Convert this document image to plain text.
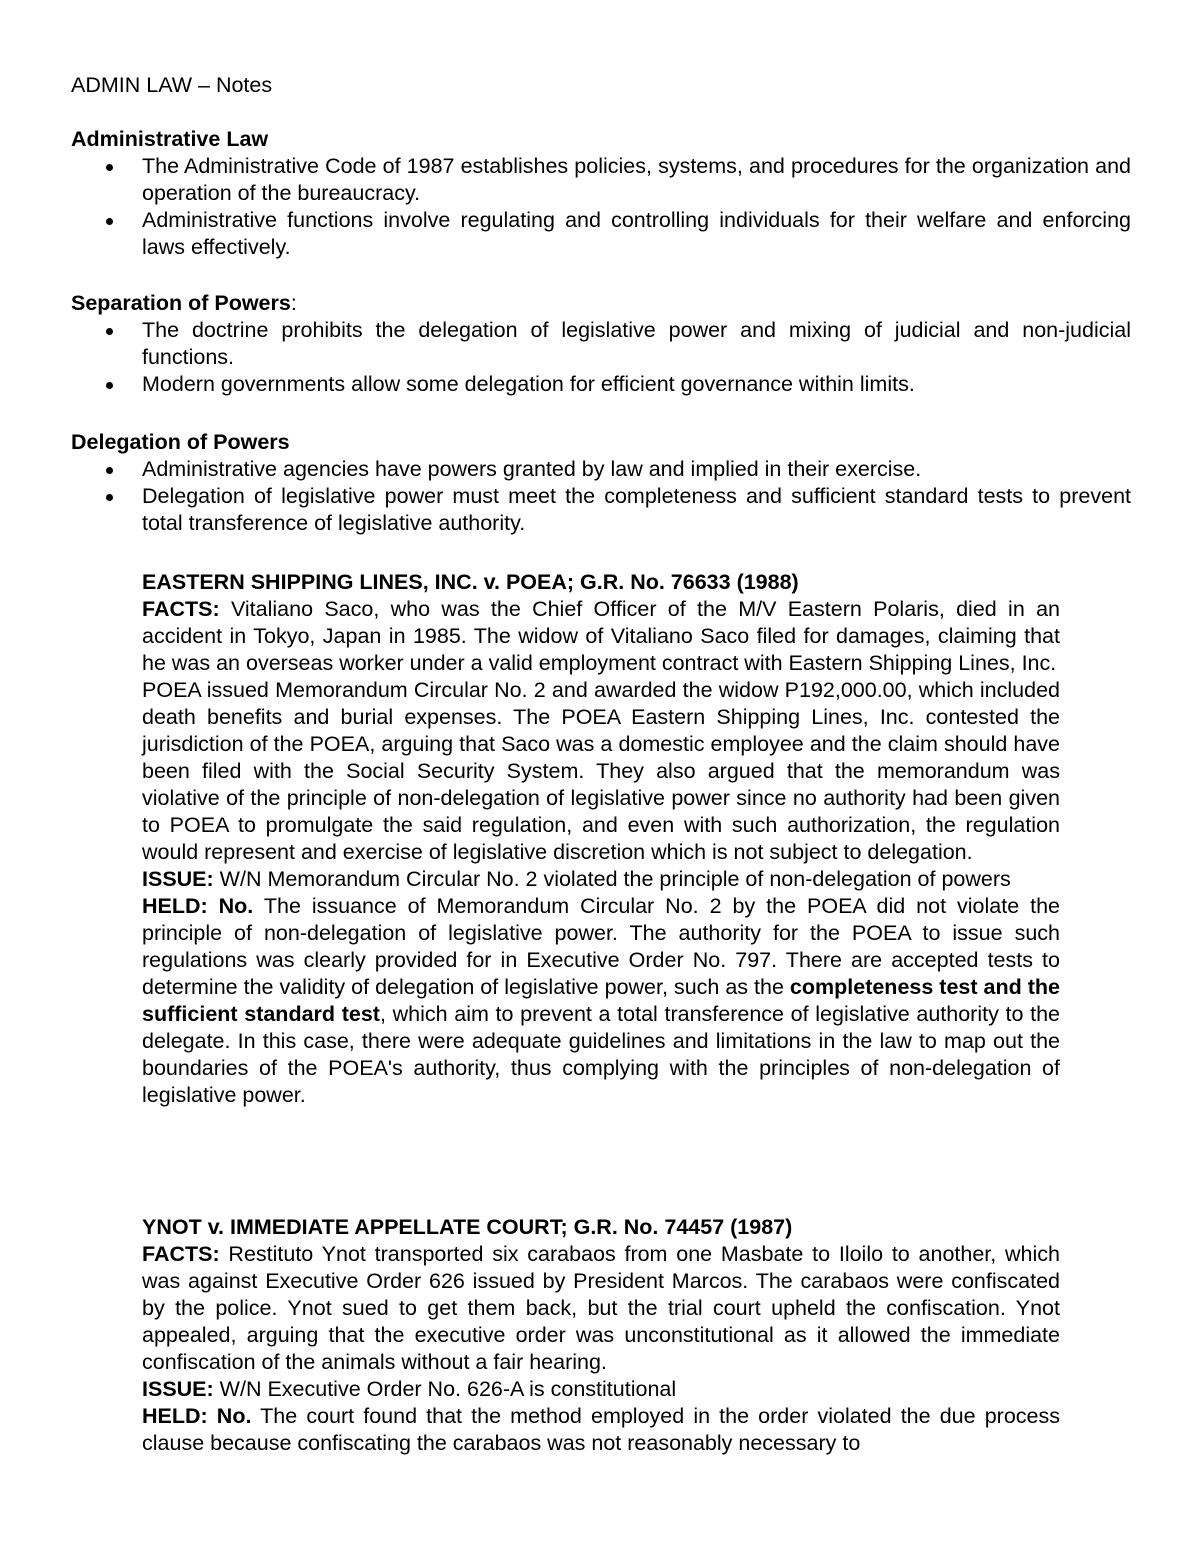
ADMIN LAW – Notes
Administrative Law
The Administrative Code of 1987 establishes policies, systems, and procedures for the organization and operation of the bureaucracy.
Administrative functions involve regulating and controlling individuals for their welfare and enforcing laws effectively.
Separation of Powers:
The doctrine prohibits the delegation of legislative power and mixing of judicial and non-judicial functions.
Modern governments allow some delegation for efficient governance within limits.
Delegation of Powers
Administrative agencies have powers granted by law and implied in their exercise.
Delegation of legislative power must meet the completeness and sufficient standard tests to prevent total transference of legislative authority.

EASTERN SHIPPING LINES, INC. v. POEA; G.R. No. 76633 (1988)

FACTS: Vitaliano Saco, who was the Chief Officer of the M/V Eastern Polaris, died in an accident in Tokyo, Japan in 1985. The widow of Vitaliano Saco filed for damages, claiming that he was an overseas worker under a valid employment contract with Eastern Shipping Lines, Inc.

POEA issued Memorandum Circular No. 2 and awarded the widow P192,000.00, which included death benefits and burial expenses. The POEA Eastern Shipping Lines, Inc. contested the jurisdiction of the POEA, arguing that Saco was a domestic employee and the claim should have been filed with the Social Security System. They also argued that the memorandum was violative of the principle of non-delegation of legislative power since no authority had been given to POEA to promulgate the said regulation, and even with such authorization, the regulation would represent and exercise of legislative discretion which is not subject to delegation.

ISSUE: W/N Memorandum Circular No. 2 violated the principle of non-delegation of powers

HELD: No. The issuance of Memorandum Circular No. 2 by the POEA did not violate the principle of non-delegation of legislative power. The authority for the POEA to issue such regulations was clearly provided for in Executive Order No. 797. There are accepted tests to determine the validity of delegation of legislative power, such as the completeness test and the sufficient standard test, which aim to prevent a total transference of legislative authority to the delegate. In this case, there were adequate guidelines and limitations in the law to map out the boundaries of the POEA's authority, thus complying with the principles of non-delegation of legislative power.

YNOT v. IMMEDIATE APPELLATE COURT; G.R. No. 74457 (1987)

FACTS: Restituto Ynot transported six carabaos from one Masbate to Iloilo to another, which was against Executive Order 626 issued by President Marcos. The carabaos were confiscated by the police. Ynot sued to get them back, but the trial court upheld the confiscation. Ynot appealed, arguing that the executive order was unconstitutional as it allowed the immediate confiscation of the animals without a fair hearing.

ISSUE: W/N Executive Order No. 626-A is constitutional

HELD: No. The court found that the method employed in the order violated the due process clause because confiscating the carabaos was not reasonably necessary to
